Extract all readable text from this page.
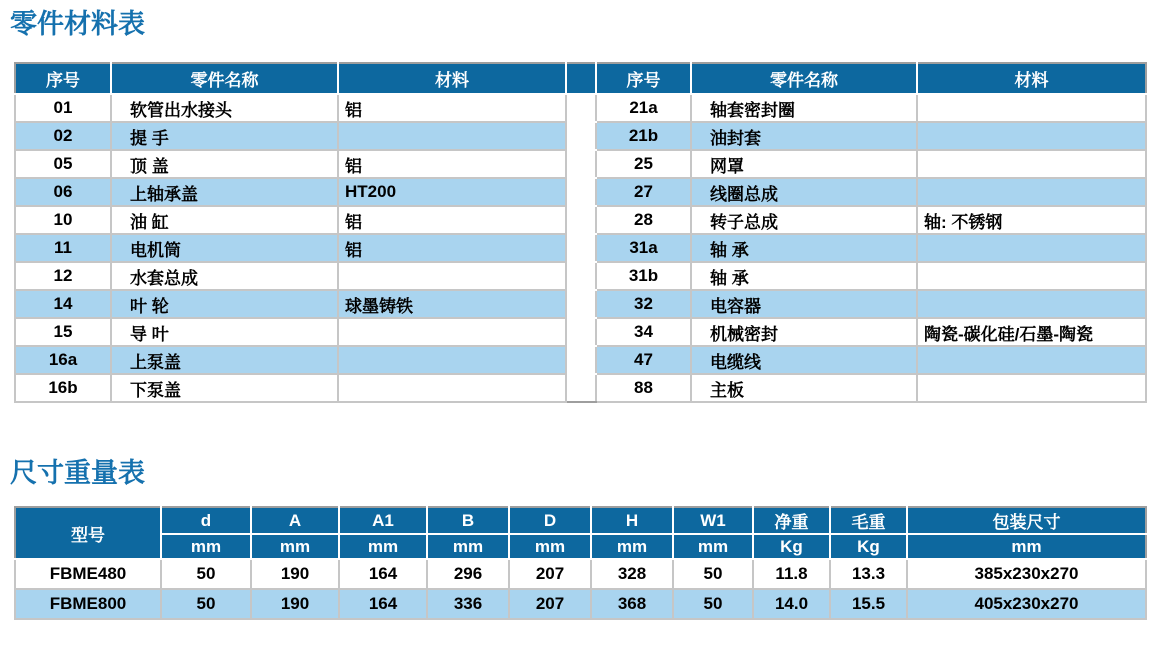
零件材料表
序号	零件名称	材料		序号	零件名称	材料
01	软管出水接头	铝		21a	轴套密封圈	
02	提 手			21b	油封套	
05	顶 盖	铝		25	网罩	
06	上轴承盖	HT200		27	线圈总成	
10	油 缸	铝		28	转子总成	轴: 不锈钢
11	电机筒	铝		31a	轴 承	
12	水套总成			31b	轴 承	
14	叶 轮	球墨铸铁		32	电容器	
15	导 叶			34	机械密封	陶瓷-碳化硅/石墨-陶瓷
16a	上泵盖			47	电缆线	
16b	下泵盖			88	主板	
尺寸重量表
型号	d	A	A1	B	D	H	W1	净重	毛重	包装尺寸
	mm	mm	mm	mm	mm	mm	mm	Kg	Kg	mm
FBME480	50	190	164	296	207	328	50	11.8	13.3	385x230x270
FBME800	50	190	164	336	207	368	50	14.0	15.5	405x230x270
